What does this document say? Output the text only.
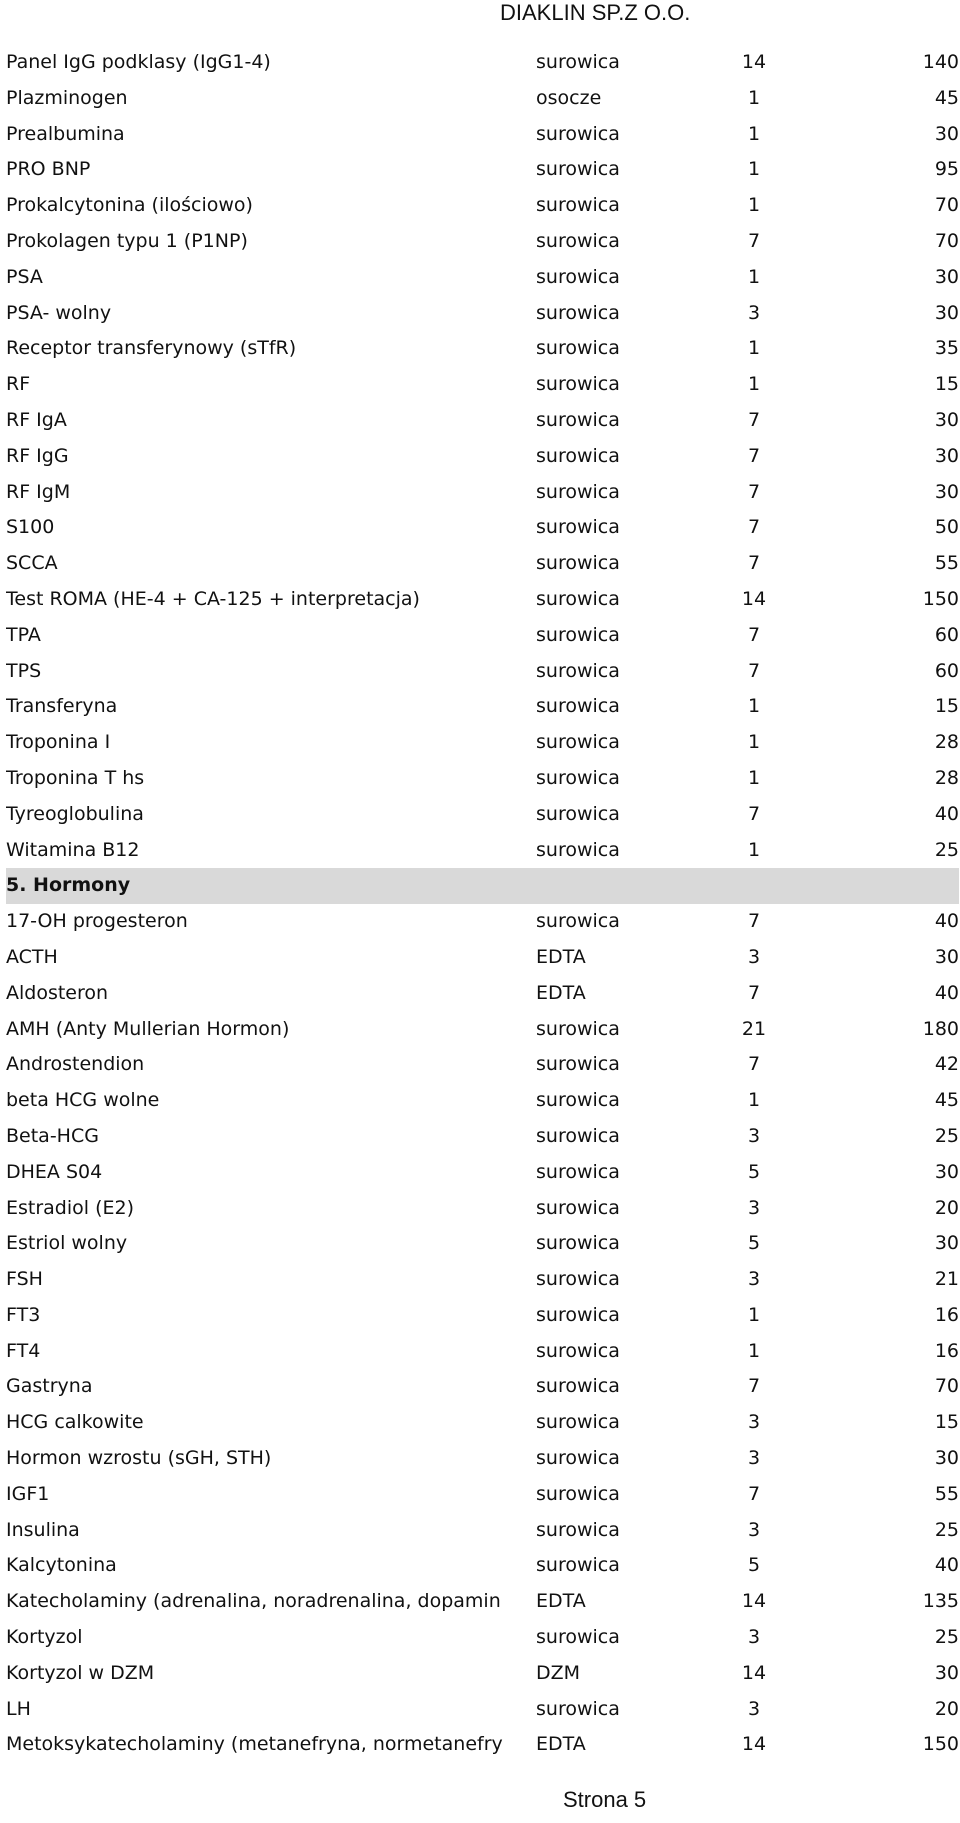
DIAKLIN SP.Z O.O.
Panel IgG podklasy (IgG1-4)	surowica	14	140
Plazminogen	osocze	1	45
Prealbumina	surowica	1	30
PRO BNP	surowica	1	95
Prokalcytonina (ilościowo)	surowica	1	70
Prokolagen typu 1 (P1NP)	surowica	7	70
PSA	surowica	1	30
PSA- wolny	surowica	3	30
Receptor transferynowy (sTfR)	surowica	1	35
RF	surowica	1	15
RF IgA	surowica	7	30
RF IgG	surowica	7	30
RF IgM	surowica	7	30
S100	surowica	7	50
SCCA	surowica	7	55
Test ROMA (HE-4 + CA-125 + interpretacja)	surowica	14	150
TPA	surowica	7	60
TPS	surowica	7	60
Transferyna	surowica	1	15
Troponina I	surowica	1	28
Troponina T hs	surowica	1	28
Tyreoglobulina	surowica	7	40
Witamina B12	surowica	1	25
5. Hormony
17-OH progesteron	surowica	7	40
ACTH	EDTA	3	30
Aldosteron	EDTA	7	40
AMH (Anty Mullerian Hormon)	surowica	21	180
Androstendion	surowica	7	42
beta HCG wolne	surowica	1	45
Beta-HCG	surowica	3	25
DHEA S04	surowica	5	30
Estradiol (E2)	surowica	3	20
Estriol wolny	surowica	5	30
FSH	surowica	3	21
FT3	surowica	1	16
FT4	surowica	1	16
Gastryna	surowica	7	70
HCG calkowite	surowica	3	15
Hormon wzrostu (sGH, STH)	surowica	3	30
IGF1	surowica	7	55
Insulina	surowica	3	25
Kalcytonina	surowica	5	40
Katecholaminy (adrenalina, noradrenalina, dopamin	EDTA	14	135
Kortyzol	surowica	3	25
Kortyzol w DZM	DZM	14	30
LH	surowica	3	20
Metoksykatecholaminy (metanefryna, normetanefry	EDTA	14	150
Strona 5
